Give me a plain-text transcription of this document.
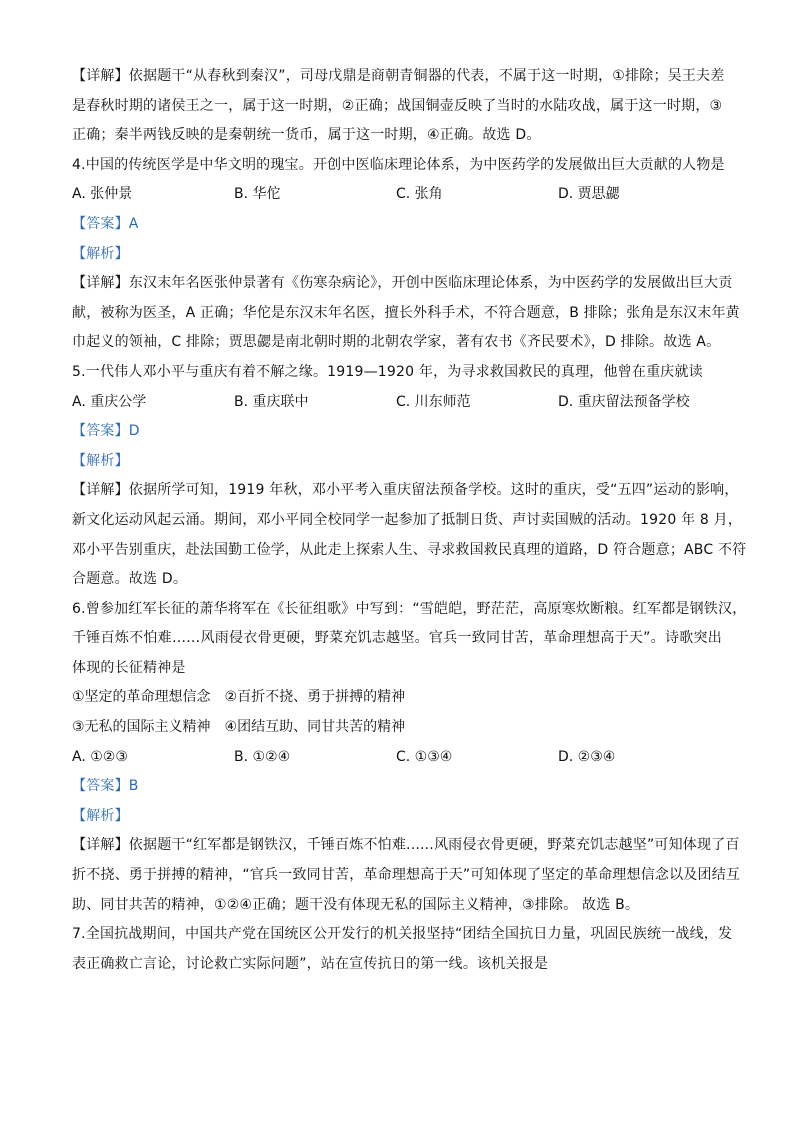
【详解】依据题干“从春秋到秦汉”，司母戊鼎是商朝青铜器的代表，不属于这一时期，①排除；吴王夫差
是春秋时期的诸侯王之一，属于这一时期，②正确；战国铜壶反映了当时的水陆攻战，属于这一时期，③
正确；秦半两钱反映的是秦朝统一货币，属于这一时期，④正确。故选 D。
4.中国的传统医学是中华文明的瑰宝。开创中医临床理论体系，为中医药学的发展做出巨大贡献的人物是
A. 张仲景	B. 华佗	C. 张角	D. 贾思勰
【答案】A
【解析】
【详解】东汉末年名医张仲景著有《伤寒杂病论》，开创中医临床理论体系，为中医药学的发展做出巨大贡
献，被称为医圣，A 正确；华佗是东汉末年名医，擅长外科手术，不符合题意，B 排除；张角是东汉末年黄
巾起义的领袖，C 排除；贾思勰是南北朝时期的北朝农学家，著有农书《齐民要术》，D 排除。故选 A。
5.一代伟人邓小平与重庆有着不解之缘。1919—1920 年，为寻求救国救民的真理，他曾在重庆就读
A. 重庆公学	B. 重庆联中	C. 川东师范	D. 重庆留法预备学校
【答案】D
【解析】
【详解】依据所学可知，1919 年秋，邓小平考入重庆留法预备学校。这时的重庆，受“五四”运动的影响，
新文化运动风起云涌。期间，邓小平同全校同学一起参加了抵制日货、声讨卖国贼的活动。1920 年 8 月，
邓小平告别重庆，赴法国勤工俭学，从此走上探索人生、寻求救国救民真理的道路，D 符合题意；ABC 不符
合题意。故选 D。
6.曾参加红军长征的萧华将军在《长征组歌》中写到：“雪皑皑，野茫茫，高原寒炊断粮。红军都是钢铁汉，
千锤百炼不怕难……风雨侵衣骨更硬，野菜充饥志越坚。官兵一致同甘苦，革命理想高于天”。诗歌突出
体现的长征精神是
①坚定的革命理想信念　②百折不挠、勇于拼搏的精神
③无私的国际主义精神　④团结互助、同甘共苦的精神
A. ①②③	B. ①②④	C. ①③④	D. ②③④
【答案】B
【解析】
【详解】依据题干“红军都是钢铁汉，千锤百炼不怕难......风雨侵衣骨更硬，野菜充饥志越坚”可知体现了百
折不挠、勇于拼搏的精神，“官兵一致同甘苦，革命理想高于天”可知体现了坚定的革命理想信念以及团结互
助、同甘共苦的精神，①②④正确；题干没有体现无私的国际主义精神，③排除。 故选 B。
7.全国抗战期间，中国共产党在国统区公开发行的机关报坚持“团结全国抗日力量，巩固民族统一战线，发
表正确救亡言论，讨论救亡实际问题”，站在宣传抗日的第一线。该机关报是
